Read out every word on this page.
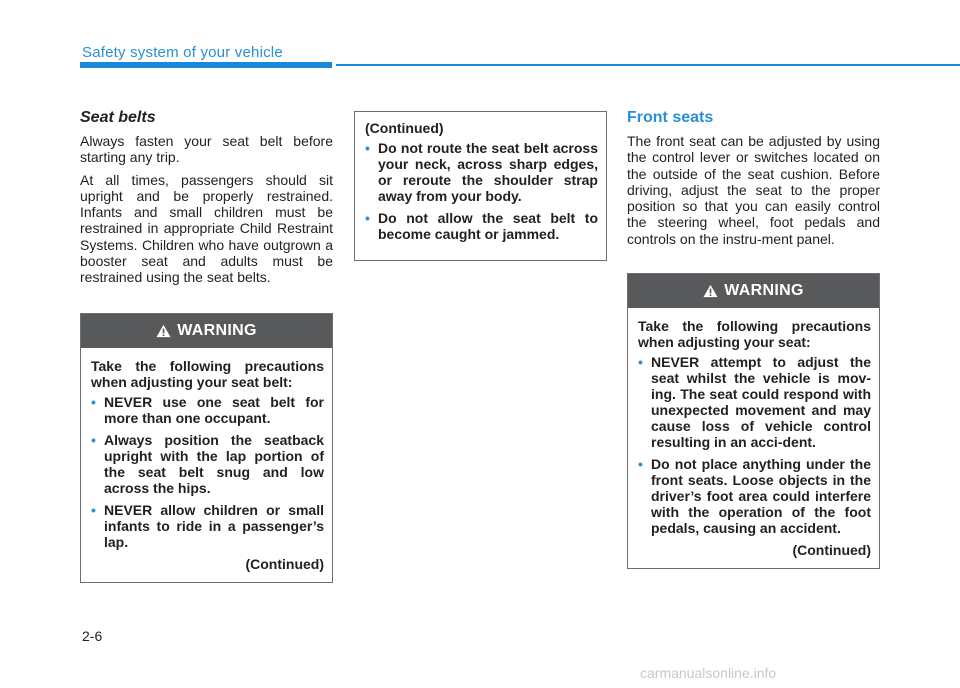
Safety system of your vehicle
Seat belts

Always fasten your seat belt before starting any trip.

At all times, passengers should sit upright and be properly restrained. Infants and small children must be restrained in appropriate Child Restraint Systems. Children who have outgrown a booster seat and adults must be restrained using the seat belts.

WARNING

Take the following precautions when adjusting your seat belt:

• NEVER use one seat belt for more than one occupant.
• Always position the seatback upright with the lap portion of the seat belt snug and low across the hips.
• NEVER allow children or small infants to ride in a passenger’s lap.
(Continued)
(Continued)
• Do not route the seat belt across your neck, across sharp edges, or reroute the shoulder strap away from your body.
• Do not allow the seat belt to become caught or jammed.
Front seats

The front seat can be adjusted by using the control lever or switches located on the outside of the seat cushion. Before driving, adjust the seat to the proper position so that you can easily control the steering wheel, foot pedals and controls on the instru-ment panel.

WARNING

Take the following precautions when adjusting your seat:

• NEVER attempt to adjust the seat whilst the vehicle is mov-ing. The seat could respond with unexpected movement and may cause loss of vehicle control resulting in an acci-dent.
• Do not place anything under the front seats. Loose objects in the driver’s foot area could interfere with the operation of the foot pedals, causing an accident.
(Continued)
2-6
carmanualsonline.info
